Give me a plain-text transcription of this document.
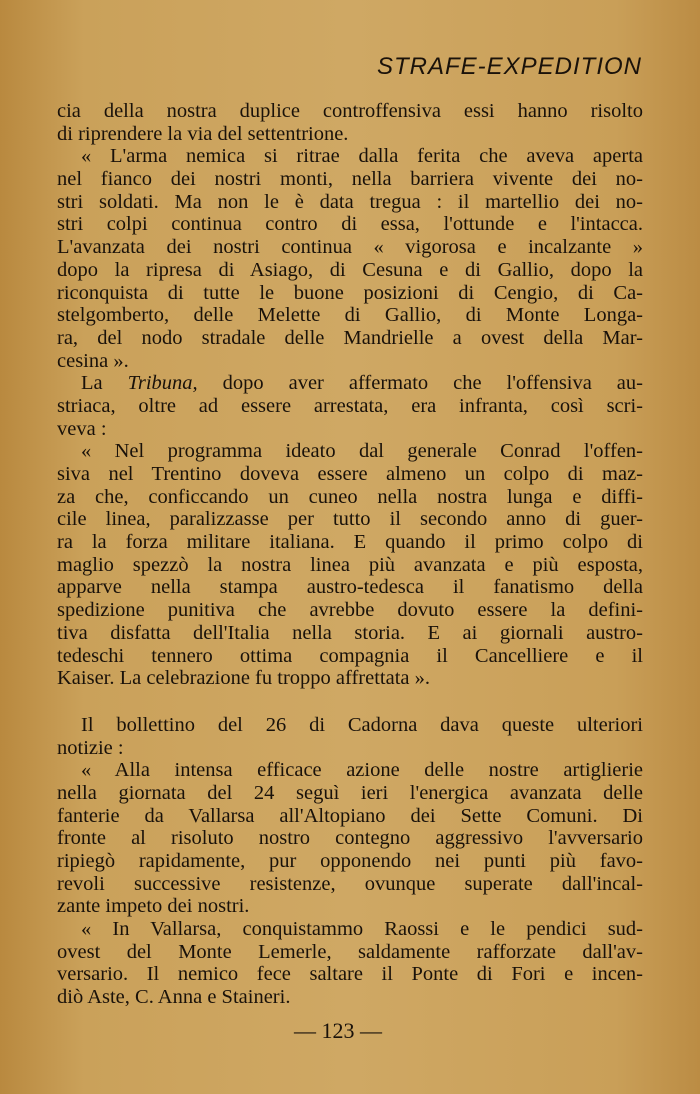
STRAFE-EXPEDITION
cia della nostra duplice controffensiva essi hanno risolto
di riprendere la via del settentrione.
« L'arma nemica si ritrae dalla ferita che aveva aperta
nel fianco dei nostri monti, nella barriera vivente dei no-
stri soldati. Ma non le è data tregua : il martellio dei no-
stri colpi continua contro di essa, l'ottunde e l'intacca.
L'avanzata dei nostri continua « vigorosa e incalzante »
dopo la ripresa di Asiago, di Cesuna e di Gallio, dopo la
riconquista di tutte le buone posizioni di Cengio, di Ca-
stelgomberto, delle Melette di Gallio, di Monte Longa-
ra, del nodo stradale delle Mandrielle a ovest della Mar-
cesina ».
La Tribuna, dopo aver affermato che l'offensiva au-
striaca, oltre ad essere arrestata, era infranta, così scri-
veva :
« Nel programma ideato dal generale Conrad l'offen-
siva nel Trentino doveva essere almeno un colpo di maz-
za che, conficcando un cuneo nella nostra lunga e diffi-
cile linea, paralizzasse per tutto il secondo anno di guer-
ra la forza militare italiana. E quando il primo colpo di
maglio spezzò la nostra linea più avanzata e più esposta,
apparve nella stampa austro-tedesca il fanatismo della
spedizione punitiva che avrebbe dovuto essere la defini-
tiva disfatta dell'Italia nella storia. E ai giornali austro-
tedeschi tennero ottima compagnia il Cancelliere e il
Kaiser. La celebrazione fu troppo affrettata ».
Il bollettino del 26 di Cadorna dava queste ulteriori
notizie :
« Alla intensa efficace azione delle nostre artiglierie
nella giornata del 24 seguì ieri l'energica avanzata delle
fanterie da Vallarsa all'Altopiano dei Sette Comuni. Di
fronte al risoluto nostro contegno aggressivo l'avversario
ripiegò rapidamente, pur opponendo nei punti più favo-
revoli successive resistenze, ovunque superate dall'incal-
zante impeto dei nostri.
« In Vallarsa, conquistammo Raossi e le pendici sud-
ovest del Monte Lemerle, saldamente rafforzate dall'av-
versario. Il nemico fece saltare il Ponte di Fori e incen-
diò Aste, C. Anna e Staineri.
— 123 —
